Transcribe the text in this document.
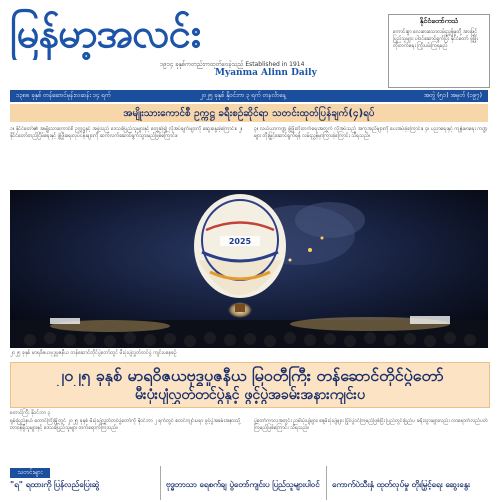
မြန်မာ့အလင်း
၁၉၁၄ ခုနှစ်ကတည်းကထုတ်ဝေခဲ့သည် Established in 1914
Myanma Alinn Daily
နိုင်ငံတော်ကသံ
ကောင်းစွာ လေးစားသောလမ်းညွှန်မှုတို့ အားဖြင့် ပြည်သူများ ပါဝင်ဆောင်ရွက်ပြီး နိုင်ငံတော် ဖွံ့ဖြိုးတိုးတက်ရေး ကြိုးပမ်းကြရမည်
၁၃၈၈ ခုနှစ် တန်ဆောင်မုန်းလဆန်း ၁၄ ရက်	၂၀၂၅ ခုနှစ် နိုဝင်ဘာ ၃ ရက် တနင်္လာနေ့	အတွဲ (၅၁) အမှတ် (၁၉၇)
အမျိုးသားကောင်စီ ဥက္ကဋ္ဌ ခရီးစဉ်ဆိုင်ရာ သတင်းထုတ်ပြန်ချက်(၄)ရပ်
၁။ နိုင်ငံတော်၏ အမျိုးသားကောင်စီ ဥက္ကဋ္ဌနှင့် အဖွဲ့သည် ဒေသခံပြည်သူများနှင့် တွေ့ဆုံ၍ လိုအပ်ချက်များကို ဆွေးနွေးခဲ့ကြောင်း။ ၂။ နိုင်ငံတော်တည်ငြိမ်ရေးနှင့် ဖွံ့ဖြိုးရေးလုပ်ငန်းများကို ဆက်လက်ဆောင်ရွက်သွားမည်ဖြစ်ကြောင်း။
၃။ လယ်ယာကဏ္ဍ ဖွံ့ဖြိုးတိုးတက်ရေးအတွက် လိုအပ်သည့် အကူအညီများကို ပေးအပ်ခဲ့ကြောင်း။ ၄။ ပညာရေးနှင့် ကျန်းမာရေး ကဏ္ဍများ တိုးမြှင့်ဆောင်ရွက်ရန် လမ်းညွှန်မှာကြားခဲ့ကြောင်း သိရသည်။
2025
၂၀၂၅ ခုနှစ် မာရဝိဇယဗုဒ္ဓပူဇနီယ တန်ဆောင်တိုင်ပွဲတော်တွင် မီးပုံးပျံလွှတ်တင်ပွဲ ကျင်းပနေစဉ်
၂၀၂၅ ခုနှစ် မာရဝိဇယဗုဒ္ဓပူဇနီယ မြဝတီကြီး တန်ဆောင်တိုင်ပွဲတော်
မီးပုံးပျံလွှတ်တင်ပွဲနှင့် ဖွင့်ပွဲအခမ်းအနားကျင်းပ
တောင်ကြီး နိုဝင်ဘာ ၃
ရှမ်းပြည်နယ် တောင်ကြီးမြို့တွင် ၂၀၂၅ ခုနှစ် မီးပုံးပျံလွှတ်တင်ပွဲတော်ကို နိုဝင်ဘာ ၂ ရက်တွင် စတင်ကျင်းပရာ ဖွင့်ပွဲအခမ်းအနားသို့ တာဝန်ရှိသူများနှင့် ဒေသခံပြည်သူများ တက်ရောက်ကြသည်။
ပွဲတော်ကာလအတွင်း ညမီးပုံးပျံများ၊ နေ့မီးပုံးပျံများ ပြိုင်ပွဲဝင်ကြမည်ဖြစ်ပြီး ပြည်တွင်းပြည်ပ ခရီးသွားများလည်း လာရောက်လည်ပတ်ကြမည်ဖြစ်ကြောင်း သိရသည်။
သတင်းများ
"ရ" ရထားကို ပြန်လည်ပြေးဆွဲ	ဗုဒ္ဓဘာသာ ရေစက်ချ ပွဲတော်ကျင်းပ ပြည်သူများပါဝင် ကောက်ပဲသီးနှံ ထုတ်လုပ်မှု တိုးမြှင့်ရေး ဆွေးနွေး
